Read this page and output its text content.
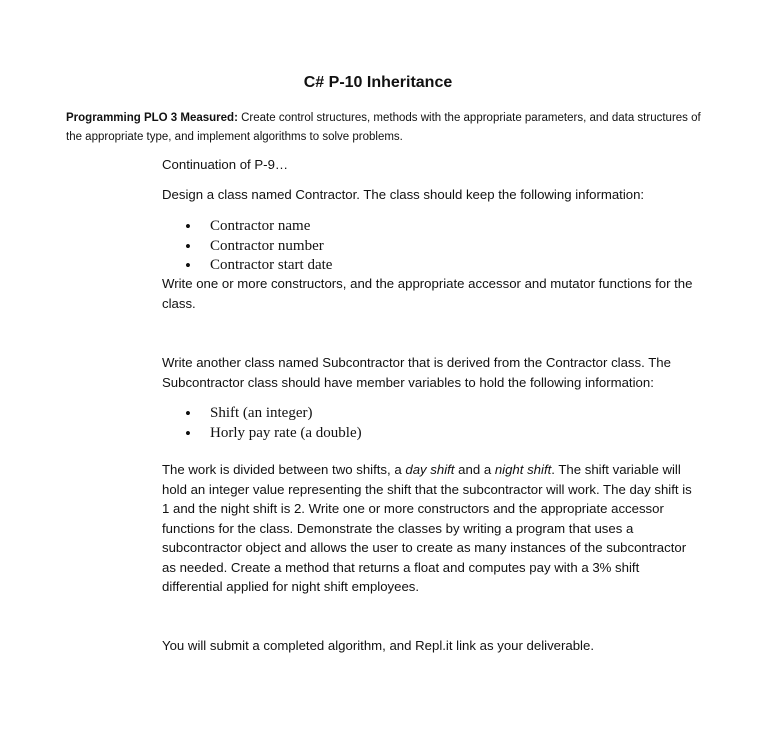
C# P-10 Inheritance

Programming PLO 3 Measured: Create control structures, methods with the appropriate parameters, and data structures of the appropriate type, and implement algorithms to solve problems.

Continuation of P-9…

Design a class named Contractor. The class should keep the following information:

• Contractor name
• Contractor number
• Contractor start date

Write one or more constructors, and the appropriate accessor and mutator functions for the class.

Write another class named Subcontractor that is derived from the Contractor class. The Subcontractor class should have member variables to hold the following information:

• Shift (an integer)
• Horly pay rate (a double)

The work is divided between two shifts, a day shift and a night shift. The shift variable will hold an integer value representing the shift that the subcontractor will work. The day shift is 1 and the night shift is 2. Write one or more constructors and the appropriate accessor functions for the class. Demonstrate the classes by writing a program that uses a subcontractor object and allows the user to create as many instances of the subcontractor as needed. Create a method that returns a float and computes pay with a 3% shift differential applied for night shift employees.

You will submit a completed algorithm, and Repl.it link as your deliverable.
